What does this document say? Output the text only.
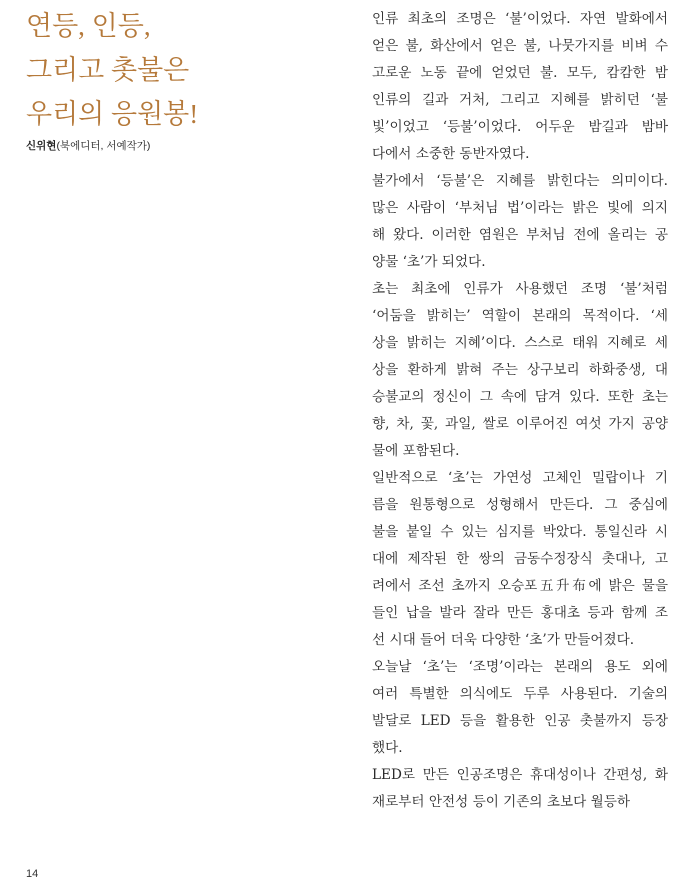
연등, 인등,
그리고 촛불은
우리의 응원봉!
신위현(북에디터, 서예작가)
인류 최초의 조명은 ‘불’이었다. 자연 발화에서
얻은 불, 화산에서 얻은 불, 나뭇가지를 비벼 수
고로운 노동 끝에 얻었던 불. 모두, 캄캄한 밤
인류의 길과 거처, 그리고 지혜를 밝히던 ‘불
빛’이었고 ‘등불’이었다. 어두운 밤길과 밤바
다에서 소중한 동반자였다.
불가에서 ‘등불’은 지혜를 밝힌다는 의미이다.
많은 사람이 ‘부처님 법’이라는 밝은 빛에 의지
해 왔다. 이러한 염원은 부처님 전에 올리는 공
양물 ‘초’가 되었다.
초는 최초에 인류가 사용했던 조명 ‘불’처럼
‘어둠을 밝히는’ 역할이 본래의 목적이다. ‘세
상을 밝히는 지혜’이다. 스스로 태워 지혜로 세
상을 환하게 밝혀 주는 상구보리 하화중생, 대
승불교의 정신이 그 속에 담겨 있다. 또한 초는
향, 차, 꽃, 과일, 쌀로 이루어진 여섯 가지 공양
물에 포함된다.
일반적으로 ‘초’는 가연성 고체인 밀랍이나 기
름을 원통형으로 성형해서 만든다. 그 중심에
불을 붙일 수 있는 심지를 박았다. 통일신라 시
대에 제작된 한 쌍의 금동수정장식 촛대나, 고
려에서 조선 초까지 오승포五升布에 밝은 물을
들인 납을 발라 잘라 만든 홍대초 등과 함께 조
선 시대 들어 더욱 다양한 ‘초’가 만들어졌다.
오늘날 ‘초’는 ‘조명’이라는 본래의 용도 외에
여러 특별한 의식에도 두루 사용된다. 기술의
발달로 LED 등을 활용한 인공 촛불까지 등장
했다.
LED로 만든 인공조명은 휴대성이나 간편성, 화
재로부터 안전성 등이 기존의 초보다 월등하
14
